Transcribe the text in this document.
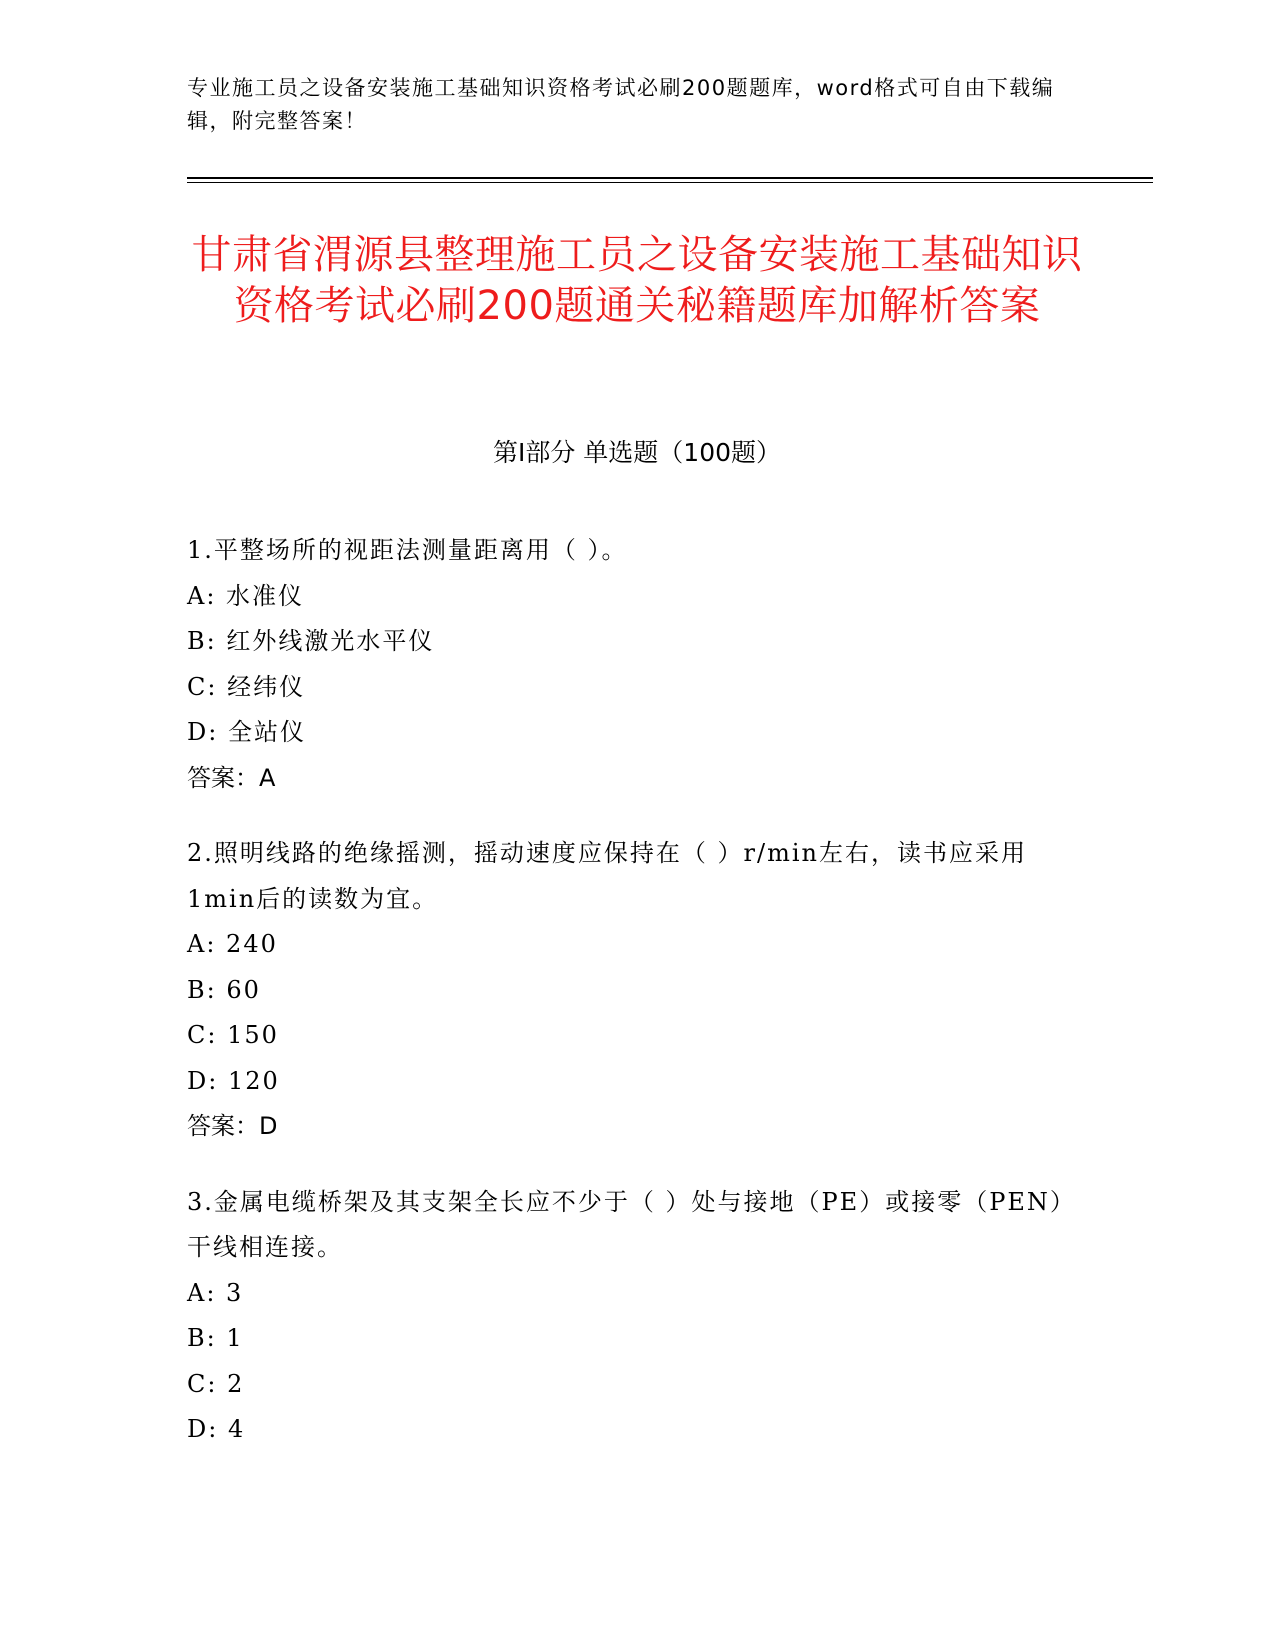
专业施工员之设备安装施工基础知识资格考试必刷200题题库，word格式可自由下载编辑，附完整答案！
甘肃省渭源县整理施工员之设备安装施工基础知识资格考试必刷200题通关秘籍题库加解析答案
第Ⅰ部分 单选题（100题）
1.平整场所的视距法测量距离用（ ）。
A: 水准仪
B: 红外线激光水平仪
C: 经纬仪
D: 全站仪
答案：A
2.照明线路的绝缘摇测，摇动速度应保持在（ ）r/min左右，读书应采用1min后的读数为宜。
A: 240
B: 60
C: 150
D: 120
答案：D
3.金属电缆桥架及其支架全长应不少于（ ）处与接地（PE）或接零（PEN）干线相连接。
A: 3
B: 1
C: 2
D: 4
